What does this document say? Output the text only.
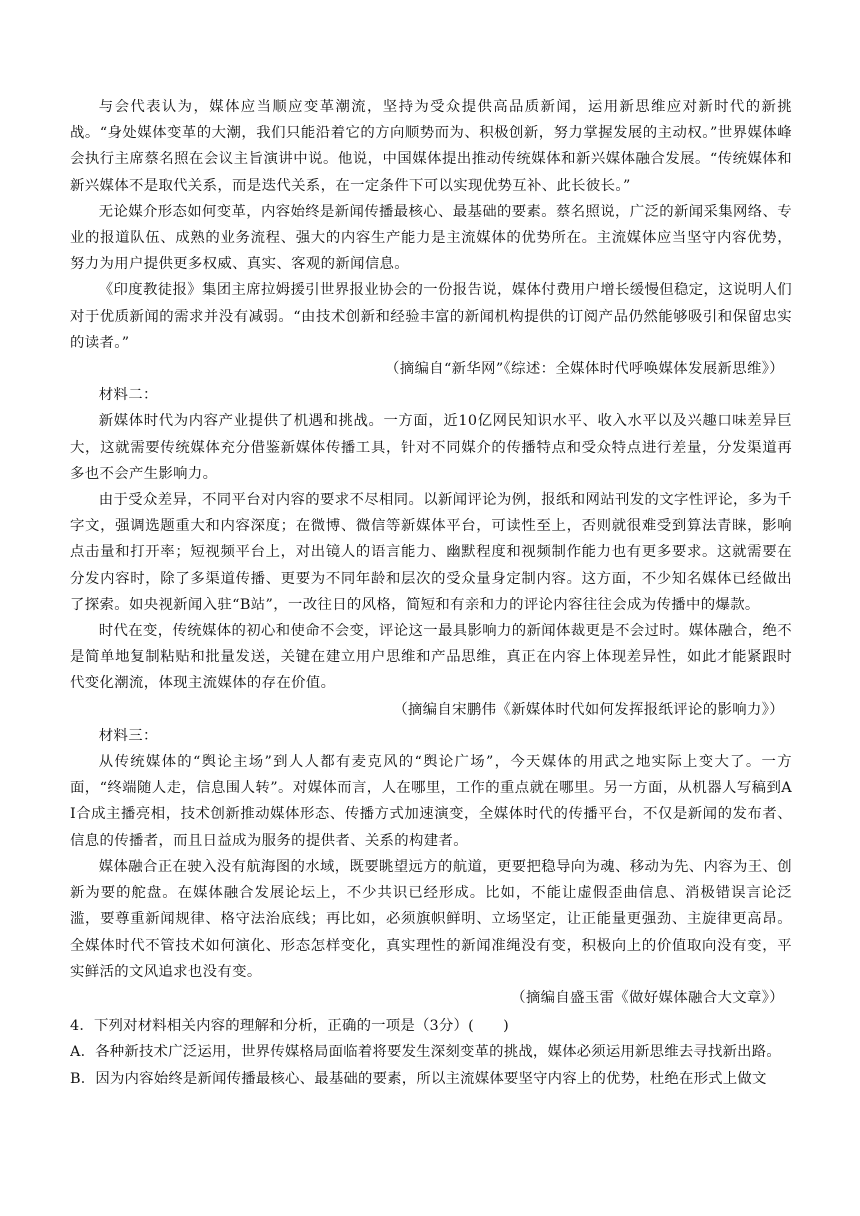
与会代表认为，媒体应当顺应变革潮流，坚持为受众提供高品质新闻，运用新思维应对新时代的新挑战。“身处媒体变革的大潮，我们只能沿着它的方向顺势而为、积极创新，努力掌握发展的主动权。”世界媒体峰会执行主席蔡名照在会议主旨演讲中说。他说，中国媒体提出推动传统媒体和新兴媒体融合发展。“传统媒体和新兴媒体不是取代关系，而是迭代关系，在一定条件下可以实现优势互补、此长彼长。”

无论媒介形态如何变革，内容始终是新闻传播最核心、最基础的要素。蔡名照说，广泛的新闻采集网络、专业的报道队伍、成熟的业务流程、强大的内容生产能力是主流媒体的优势所在。主流媒体应当坚守内容优势，努力为用户提供更多权威、真实、客观的新闻信息。

《印度教徒报》集团主席拉姆援引世界报业协会的一份报告说，媒体付费用户增长缓慢但稳定，这说明人们对于优质新闻的需求并没有减弱。“由技术创新和经验丰富的新闻机构提供的订阅产品仍然能够吸引和保留忠实的读者。”

（摘编自“新华网”《综述：全媒体时代呼唤媒体发展新思维》）

材料二：

新媒体时代为内容产业提供了机遇和挑战。一方面，近10亿网民知识水平、收入水平以及兴趣口味差异巨大，这就需要传统媒体充分借鉴新媒体传播工具，针对不同媒介的传播特点和受众特点进行差量，分发渠道再多也不会产生影响力。

由于受众差异，不同平台对内容的要求不尽相同。以新闻评论为例，报纸和网站刊发的文字性评论，多为千字文，强调选题重大和内容深度；在微博、微信等新媒体平台，可读性至上，否则就很难受到算法青睐，影响点击量和打开率；短视频平台上，对出镜人的语言能力、幽默程度和视频制作能力也有更多要求。这就需要在分发内容时，除了多渠道传播、更要为不同年龄和层次的受众量身定制内容。这方面，不少知名媒体已经做出了探索。如央视新闻入驻“B站”，一改往日的风格，简短和有亲和力的评论内容往往会成为传播中的爆款。

时代在变，传统媒体的初心和使命不会变，评论这一最具影响力的新闻体裁更是不会过时。媒体融合，绝不是简单地复制粘贴和批量发送，关键在建立用户思维和产品思维，真正在内容上体现差异性，如此才能紧跟时代变化潮流，体现主流媒体的存在价值。

（摘编自宋鹏伟《新媒体时代如何发挥报纸评论的影响力》）

材料三：

从传统媒体的“舆论主场”到人人都有麦克风的“舆论广场”，今天媒体的用武之地实际上变大了。一方面，“终端随人走，信息围人转”。对媒体而言，人在哪里，工作的重点就在哪里。另一方面，从机器人写稿到AI合成主播亮相，技术创新推动媒体形态、传播方式加速演变，全媒体时代的传播平台，不仅是新闻的发布者、信息的传播者，而且日益成为服务的提供者、关系的构建者。

媒体融合正在驶入没有航海图的水域，既要眺望远方的航道，更要把稳导向为魂、移动为先、内容为王、创新为要的舵盘。在媒体融合发展论坛上，不少共识已经形成。比如，不能让虚假歪曲信息、消极错误言论泛滥，要尊重新闻规律、格守法治底线；再比如，必须旗帜鲜明、立场坚定，让正能量更强劲、主旋律更高昂。全媒体时代不管技术如何演化、形态怎样变化，真实理性的新闻准绳没有变，积极向上的价值取向没有变，平实鲜活的文风追求也没有变。

（摘编自盛玉雷《做好媒体融合大文章》）

4．下列对材料相关内容的理解和分析，正确的一项是（3分）(　　)

A．各种新技术广泛运用，世界传媒格局面临着将要发生深刻变革的挑战，媒体必须运用新思维去寻找新出路。

B．因为内容始终是新闻传播最核心、最基础的要素，所以主流媒体要坚守内容上的优势，杜绝在形式上做文
